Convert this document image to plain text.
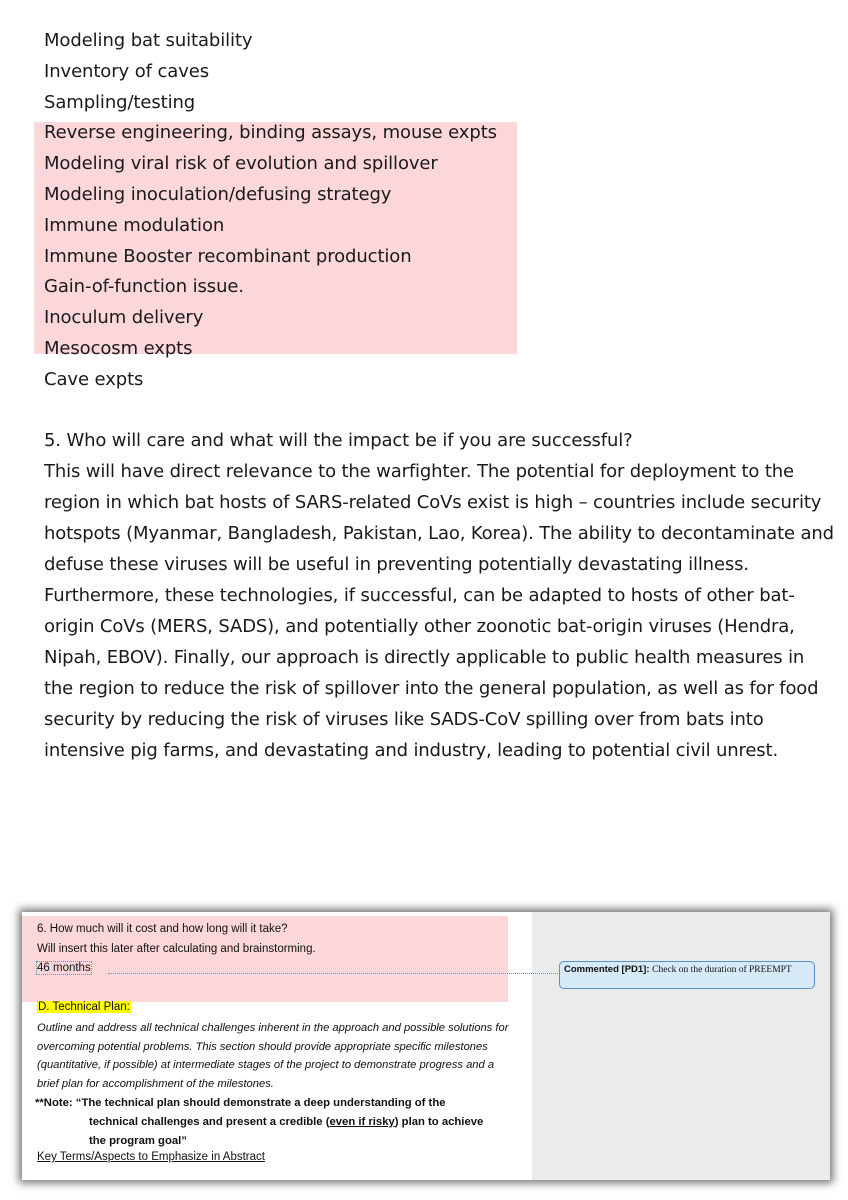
Modeling bat suitability
Inventory of caves
Sampling/testing
Reverse engineering, binding assays, mouse expts
Modeling viral risk of evolution and spillover
Modeling inoculation/defusing strategy
Immune modulation
Immune Booster recombinant production
Gain-of-function issue.
Inoculum delivery
Mesocosm expts
Cave expts

5. Who will care and what will the impact be if you are successful?

This will have direct relevance to the warfighter. The potential for deployment to the region in which bat hosts of SARS-related CoVs exist is high – countries include security hotspots (Myanmar, Bangladesh, Pakistan, Lao, Korea). The ability to decontaminate and defuse these viruses will be useful in preventing potentially devastating illness. Furthermore, these technologies, if successful, can be adapted to hosts of other bat-origin CoVs (MERS, SADS), and potentially other zoonotic bat-origin viruses (Hendra, Nipah, EBOV). Finally, our approach is directly applicable to public health measures in the region to reduce the risk of spillover into the general population, as well as for food security by reducing the risk of viruses like SADS-CoV spilling over from bats into intensive pig farms, and devastating and industry, leading to potential civil unrest.

6. How much will it cost and how long will it take?
Will insert this later after calculating and brainstorming.
46 months	Commented [PD1]: Check on the duration of PREEMPT
D. Technical Plan:

Outline and address all technical challenges inherent in the approach and possible solutions for overcoming potential problems. This section should provide appropriate specific milestones (quantitative, if possible) at intermediate stages of the project to demonstrate progress and a brief plan for accomplishment of the milestones.

**Note: “The technical plan should demonstrate a deep understanding of the
technical challenges and present a credible (even if risky) plan to achieve
the program goal”

Key Terms/Aspects to Emphasize in Abstract
